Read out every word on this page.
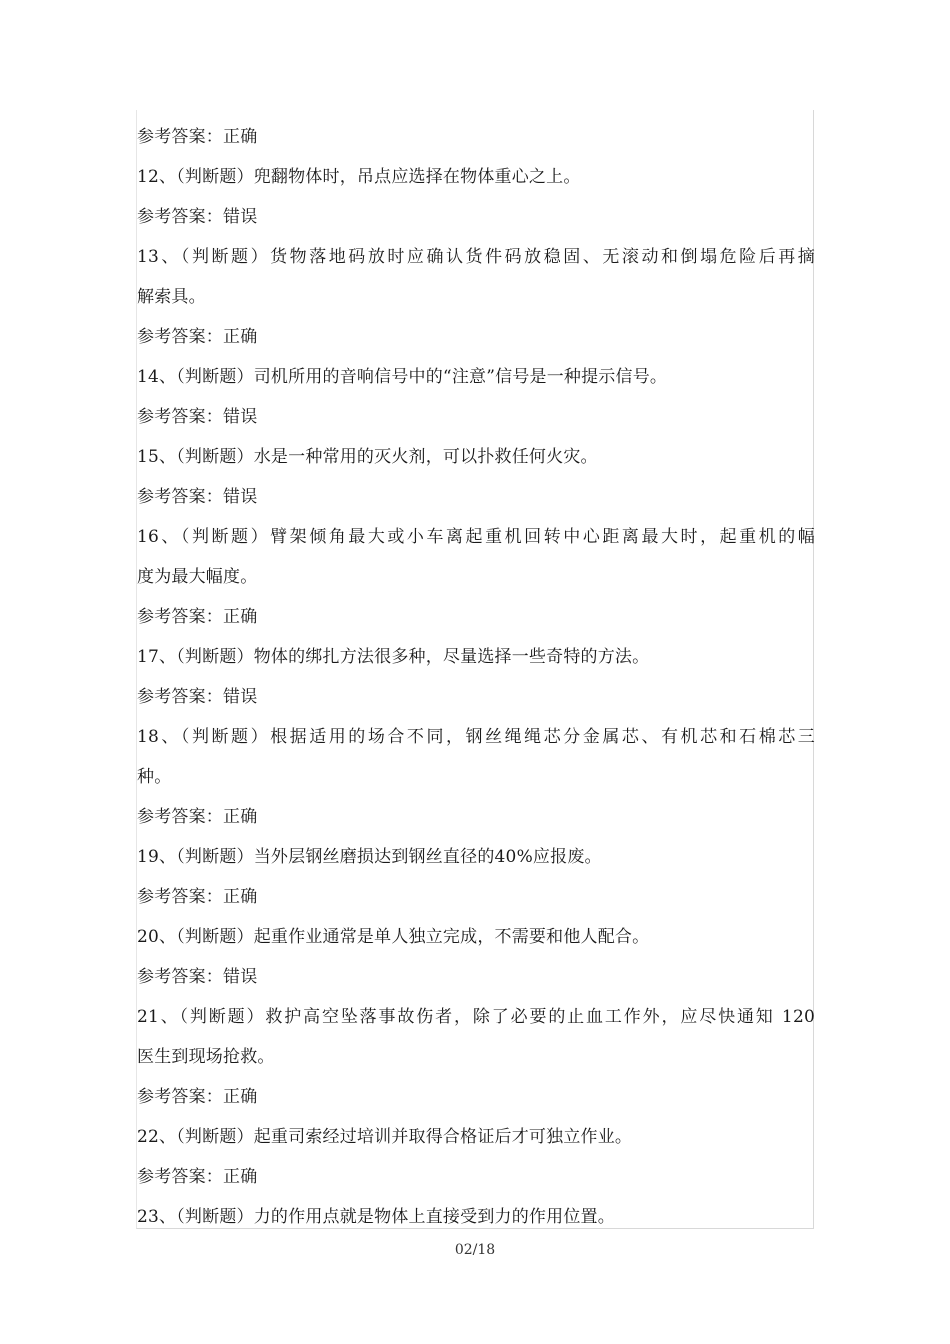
参考答案：正确
12、（判断题）兜翻物体时，吊点应选择在物体重心之上。
参考答案：错误
13、（判断题）货物落地码放时应确认货件码放稳固、无滚动和倒塌危险后再摘
解索具。
参考答案：正确
14、（判断题）司机所用的音响信号中的“注意”信号是一种提示信号。
参考答案：错误
15、（判断题）水是一种常用的灭火剂，可以扑救任何火灾。
参考答案：错误
16、（判断题）臂架倾角最大或小车离起重机回转中心距离最大时，起重机的幅
度为最大幅度。
参考答案：正确
17、（判断题）物体的绑扎方法很多种，尽量选择一些奇特的方法。
参考答案：错误
18、（判断题）根据适用的场合不同，钢丝绳绳芯分金属芯、有机芯和石棉芯三
种。
参考答案：正确
19、（判断题）当外层钢丝磨损达到钢丝直径的40%应报废。
参考答案：正确
20、（判断题）起重作业通常是单人独立完成，不需要和他人配合。
参考答案：错误
21、（判断题）救护高空坠落事故伤者，除了必要的止血工作外，应尽快通知 120
医生到现场抢救。
参考答案：正确
22、（判断题）起重司索经过培训并取得合格证后才可独立作业。
参考答案：正确
23、（判断题）力的作用点就是物体上直接受到力的作用位置。
02/18
